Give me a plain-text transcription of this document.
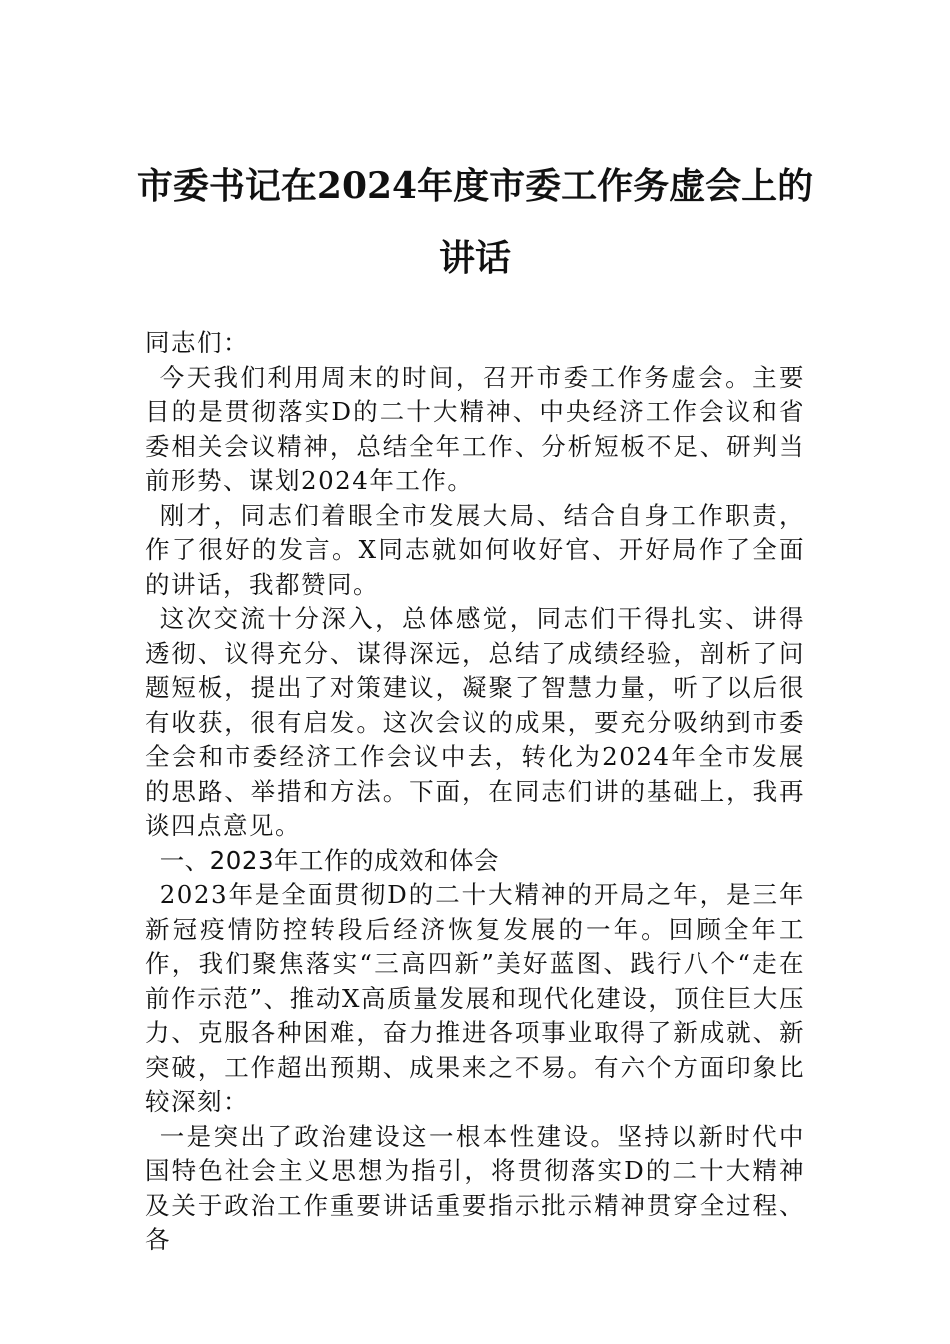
市委书记在2024年度市委工作务虚会上的
讲话

同志们：

今天我们利用周末的时间，召开市委工作务虚会。主要目的是贯彻落实D的二十大精神、中央经济工作会议和省委相关会议精神，总结全年工作、分析短板不足、研判当前形势、谋划2024年工作。

刚才，同志们着眼全市发展大局、结合自身工作职责，作了很好的发言。X同志就如何收好官、开好局作了全面的讲话，我都赞同。

这次交流十分深入，总体感觉，同志们干得扎实、讲得透彻、议得充分、谋得深远，总结了成绩经验，剖析了问题短板，提出了对策建议，凝聚了智慧力量，听了以后很有收获，很有启发。这次会议的成果，要充分吸纳到市委全会和市委经济工作会议中去，转化为2024年全市发展的思路、举措和方法。下面，在同志们讲的基础上，我再谈四点意见。

一、2023年工作的成效和体会

2023年是全面贯彻D的二十大精神的开局之年，是三年新冠疫情防控转段后经济恢复发展的一年。回顾全年工作，我们聚焦落实“三高四新”美好蓝图、践行八个“走在前作示范”、推动X高质量发展和现代化建设，顶住巨大压力、克服各种困难，奋力推进各项事业取得了新成就、新突破，工作超出预期、成果来之不易。有六个方面印象比较深刻：

一是突出了政治建设这一根本性建设。坚持以新时代中国特色社会主义思想为指引，将贯彻落实D的二十大精神及关于政治工作重要讲话重要指示批示精神贯穿全过程、各
